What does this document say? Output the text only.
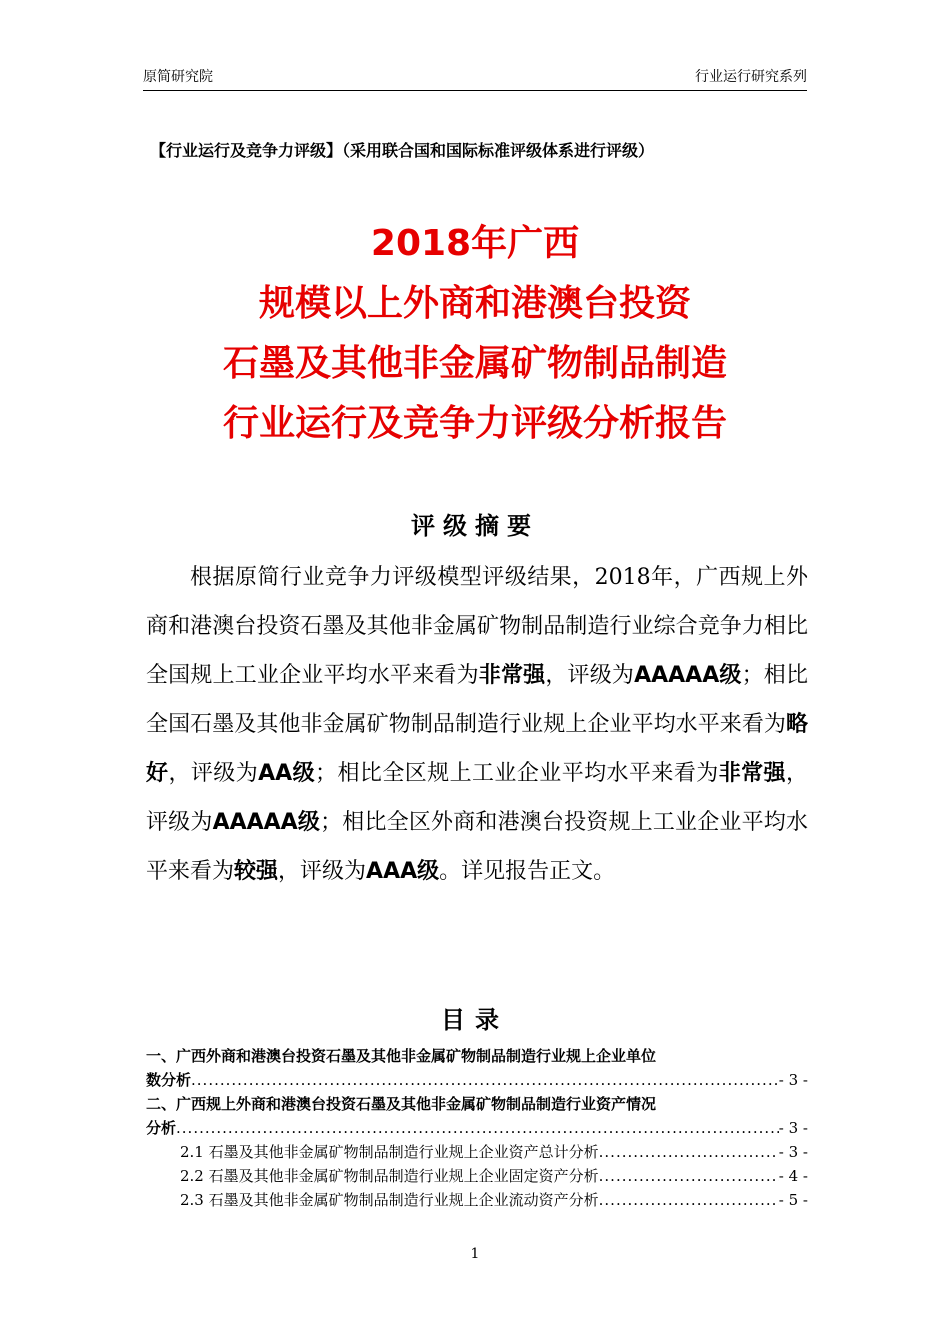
原简研究院	行业运行研究系列
【行业运行及竞争力评级】（采用联合国和国际标准评级体系进行评级）
2018年广西
规模以上外商和港澳台投资
石墨及其他非金属矿物制品制造
行业运行及竞争力评级分析报告
评级摘要
根据原简行业竞争力评级模型评级结果，2018年，广西规上外商和港澳台投资石墨及其他非金属矿物制品制造行业综合竞争力相比全国规上工业企业平均水平来看为非常强，评级为AAAAA级；相比全国石墨及其他非金属矿物制品制造行业规上企业平均水平来看为略好，评级为AA级；相比全区规上工业企业平均水平来看为非常强，评级为AAAAA级；相比全区外商和港澳台投资规上工业企业平均水平来看为较强，评级为AAA级。详见报告正文。
目录
一、广西外商和港澳台投资石墨及其他非金属矿物制品制造行业规上企业单位
数分析 .....	- 3 -
二、广西规上外商和港澳台投资石墨及其他非金属矿物制品制造行业资产情况
分析 .....	- 3 -
2.1 石墨及其他非金属矿物制品制造行业规上企业资产总计分析 .....	- 3 -
2.2 石墨及其他非金属矿物制品制造行业规上企业固定资产分析 .....	- 4 -
2.3 石墨及其他非金属矿物制品制造行业规上企业流动资产分析 .....	- 5 -
1
